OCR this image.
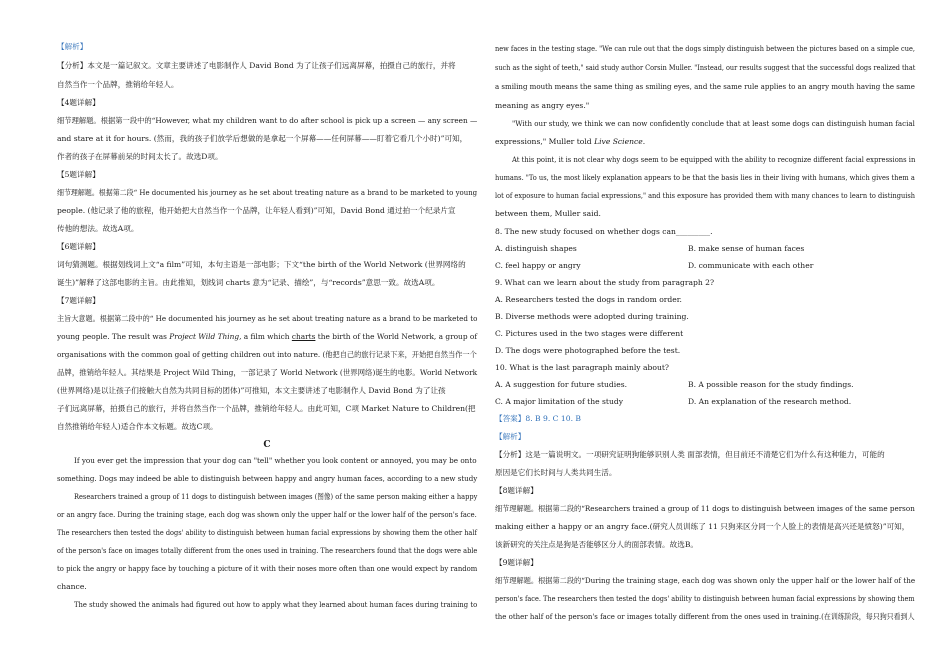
【解析】
【分析】本文是一篇记叙文。文章主要讲述了电影制作人 David Bond 为了让孩子们远离屏幕，拍摄自己的旅行，并将
自然当作一个品牌，推销给年轻人。
【4题详解】
细节理解题。根据第一段中的“However, what my children want to do after school is pick up a screen — any screen —
and stare at it for hours. (然而，我的孩子们放学后想做的是拿起一个屏幕——任何屏幕——盯着它看几个小时)”可知，
作者的孩子在屏幕前呆的时间太长了。故选D项。
【5题详解】
细节理解题。根据第二段“ He documented his journey as he set about treating nature as a brand to be marketed to young
people. (他记录了他的旅程，他开始把大自然当作一个品牌，让年轻人看到)”可知，David Bond 通过拍一个纪录片宣
传他的想法。故选A项。
【6题详解】
词句猜测题。根据划线词上文“a film”可知，本句主语是一部电影；下文“the birth of the World Network (世界网络的
诞生)”解释了这部电影的主旨。由此推知，划线词 charts 意为“记录、描绘”，与“records”意思一致。故选A项。
【7题详解】
主旨大意题。根据第二段中的“ He documented his journey as he set about treating nature as a brand to be marketed to
young people. The result was Project Wild Thing, a film which charts the birth of the World Network, a group of
organisations with the common goal of getting children out into nature. (他把自己的旅行记录下来，开始把自然当作一个
品牌，推销给年轻人。其结果是 Project Wild Thing，一部记录了 World Network (世界网络)诞生的电影。World Network
(世界网络)是以让孩子们接触大自然为共同目标的团体)”可推知，本文主要讲述了电影制作人 David Bond 为了让孩
子们远离屏幕，拍摄自己的旅行，并将自然当作一个品牌，推销给年轻人。由此可知，C项 Market Nature to Children(把
自然推销给年轻人)适合作本文标题。故选C项。
C
If you ever get the impression that your dog can "tell" whether you look content or annoyed, you may be onto
something. Dogs may indeed be able to distinguish between happy and angry human faces, according to a new study
Researchers trained a group of 11 dogs to distinguish between images (图像) of the same person making either a happy
or an angry face. During the training stage, each dog was shown only the upper half or the lower half of the person's face.
The researchers then tested the dogs' ability to distinguish between human facial expressions by showing them the other half
of the person's face on images totally different from the ones used in training. The researchers found that the dogs were able
to pick the angry or happy face by touching a picture of it with their noses more often than one would expect by random
chance.
The study showed the animals had figured out how to apply what they learned about human faces during training to
new faces in the testing stage. "We can rule out that the dogs simply distinguish between the pictures based on a simple cue,
such as the sight of teeth," said study author Corsin Muller. "Instead, our results suggest that the successful dogs realized that
a smiling mouth means the same thing as smiling eyes, and the same rule applies to an angry mouth having the same
meaning as angry eyes."
"With our study, we think we can now confidently conclude that at least some dogs can distinguish human facial
expressions," Muller told Live Science.
At this point, it is not clear why dogs seem to be equipped with the ability to recognize different facial expressions in
humans. "To us, the most likely explanation appears to be that the basis lies in their living with humans, which gives them a
lot of exposure to human facial expressions," and this exposure has provided them with many chances to learn to distinguish
between them, Muller said.
8. The new study focused on whether dogs can_________.
A. distinguish shapes	B. make sense of human faces
C. feel happy or angry	D. communicate with each other
9. What can we learn about the study from paragraph 2?
A. Researchers tested the dogs in random order.
B. Diverse methods were adopted during training.
C. Pictures used in the two stages were different
D. The dogs were photographed before the test.
10. What is the last paragraph mainly about?
A. A suggestion for future studies.	B. A possible reason for the study findings.
C. A major limitation of the study	D. An explanation of the research method.
【答案】8. B 9. C 10. B
【解析】
【分析】这是一篇说明文。一项研究证明狗能够识别人类 面部表情，但目前还不清楚它们为什么有这种能力，可能的
原因是它们长时间与人类共同生活。
【8题详解】
细节理解题。根据第二段的“Researchers trained a group of 11 dogs to distinguish between images of the same person
making either a happy or an angry face.(研究人员训练了 11 只狗来区分同一个人脸上的表情是高兴还是愤怒)”可知，
该新研究的关注点是狗是否能够区分人的面部表情。故选B。
【9题详解】
细节理解题。根据第二段的“During the training stage, each dog was shown only the upper half or the lower half of the
person's face. The researchers then tested the dogs' ability to distinguish between human facial expressions by showing them
the other half of the person's face or images totally different from the ones used in training.(在训练阶段，每只狗只看到人
